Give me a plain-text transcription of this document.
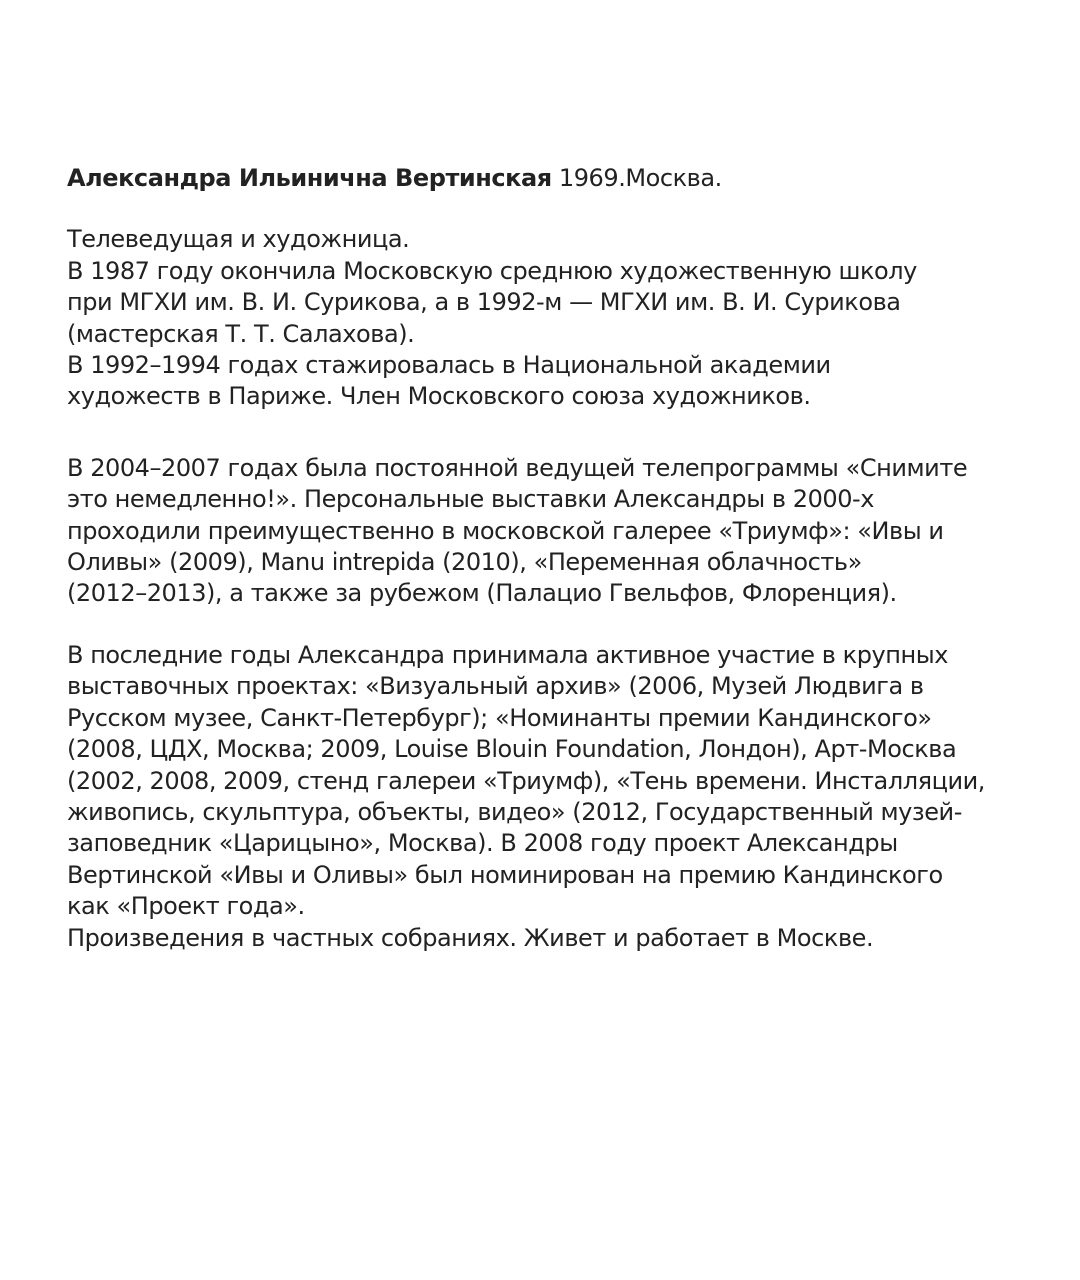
Александра Ильинична Вертинская 1969.Москва.
Телеведущая и художница.
В 1987 году окончила Московскую среднюю художественную школу
при МГХИ им. В. И. Сурикова, а в 1992-м — МГХИ им. В. И. Сурикова
(мастерская Т. Т. Салахова).
В 1992–1994 годах стажировалась в Национальной академии
художеств в Париже. Член Московского союза художников.
В 2004–2007 годах была постоянной ведущей телепрограммы «Снимите
это немедленно!». Персональные выставки Александры в 2000-х
проходили преимущественно в московской галерее «Триумф»: «Ивы и
Оливы» (2009), Manu intrepida (2010), «Переменная облачность»
(2012–2013), а также за рубежом (Палацио Гвельфов, Флоренция).
В последние годы Александра принимала активное участие в крупных
выставочных проектах: «Визуальный архив» (2006, Музей Людвига в
Русском музее, Санкт-Петербург); «Номинанты премии Кандинского»
(2008, ЦДХ, Москва; 2009, Louise Blouin Foundation, Лондон), Арт-Москва
(2002, 2008, 2009, стенд галереи «Триумф), «Тень времени. Инсталляции,
живопись, скульптура, объекты, видео» (2012, Государственный музей-
заповедник «Царицыно», Москва). В 2008 году проект Александры
Вертинской «Ивы и Оливы» был номинирован на премию Кандинского
как «Проект года».
Произведения в частных собраниях. Живет и работает в Москве.
